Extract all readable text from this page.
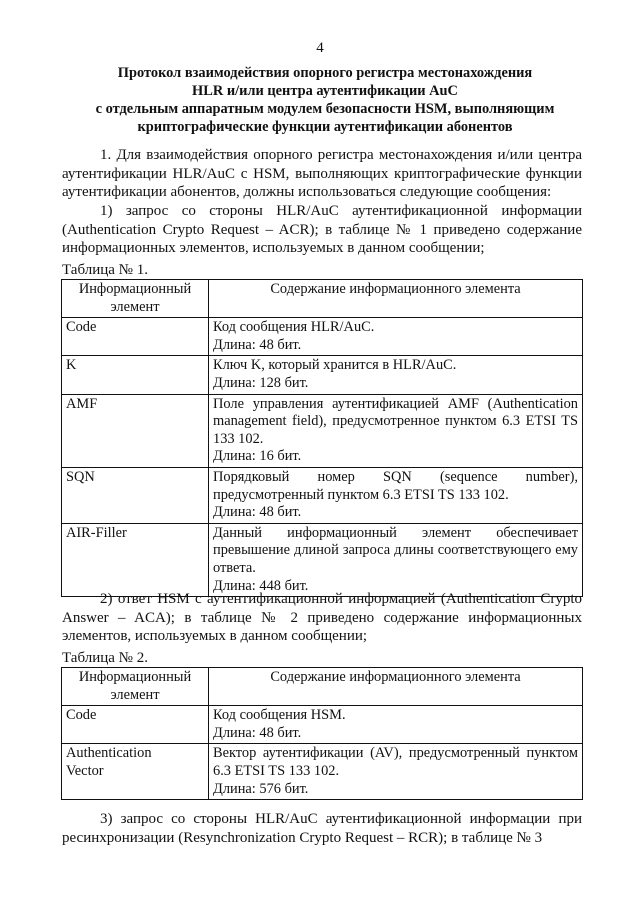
4
Протокол взаимодействия опорного регистра местонахождения
HLR и/или центра аутентификации AuC
с отдельным аппаратным модулем безопасности HSM, выполняющим
криптографические функции аутентификации абонентов
1. Для взаимодействия опорного регистра местонахождения и/или центра аутентификации HLR/AuC с HSM, выполняющих криптографические функции аутентификации абонентов, должны использоваться следующие сообщения:
1) запрос со стороны HLR/AuC аутентификационной информации (Authentication Crypto Request – ACR); в таблице № 1 приведено содержание информационных элементов, используемых в данном сообщении;
Таблица № 1.
Информационный
элемент	Содержание информационного элемента
Code	Код сообщения HLR/AuC.
Длина: 48 бит.

K	Ключ K, который хранится в HLR/AuC.
Длина: 128 бит.

AMF	Поле управления аутентификацией AMF (Authentication management field), предусмотренное пунктом 6.3 ETSI TS 133 102.
Длина: 16 бит.

SQN	Порядковый номер SQN (sequence number), предусмотренный пунктом 6.3 ETSI TS 133 102.
Длина: 48 бит.

AIR-Filler	Данный информационный элемент обеспечивает превышение длиной запроса длины соответствующего ему ответа.
Длина: 448 бит.
2) ответ HSM с аутентификационной информацией (Authentication Crypto Answer – ACA); в таблице № 2 приведено содержание информационных элементов, используемых в данном сообщении;
Таблица № 2.
Информационный
элемент	Содержание информационного элемента

Code	Код сообщения HSM.
Длина: 48 бит.

Authentication
Vector	Вектор аутентификации (AV), предусмотренный пунктом 6.3 ETSI TS 133 102.
Длина: 576 бит.
3) запрос со стороны HLR/AuC аутентификационной информации при ресинхронизации (Resynchronization Crypto Request – RCR); в таблице № 3
